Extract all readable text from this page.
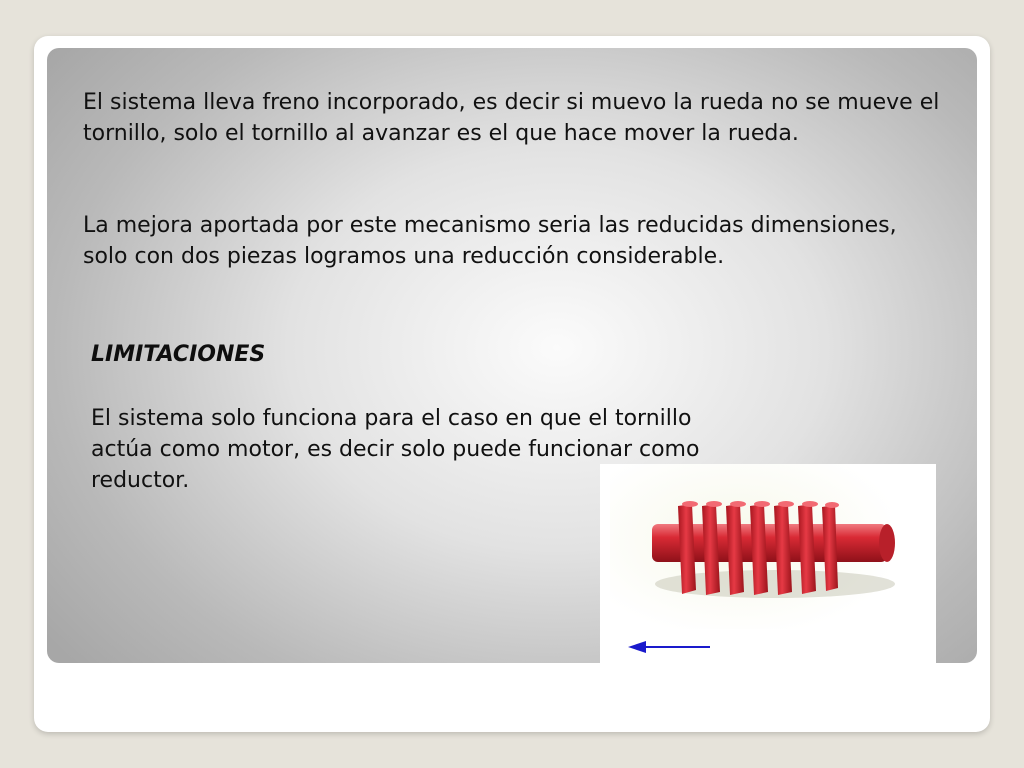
El sistema lleva freno incorporado, es decir si muevo la rueda no se mueve el tornillo, solo el tornillo al avanzar es el que hace mover la rueda.

La mejora aportada por este mecanismo seria las reducidas dimensiones, solo con dos piezas logramos una reducción considerable.

LIMITACIONES

El sistema solo funciona para el caso en que el tornillo actúa como motor, es decir solo puede funcionar como reductor.
